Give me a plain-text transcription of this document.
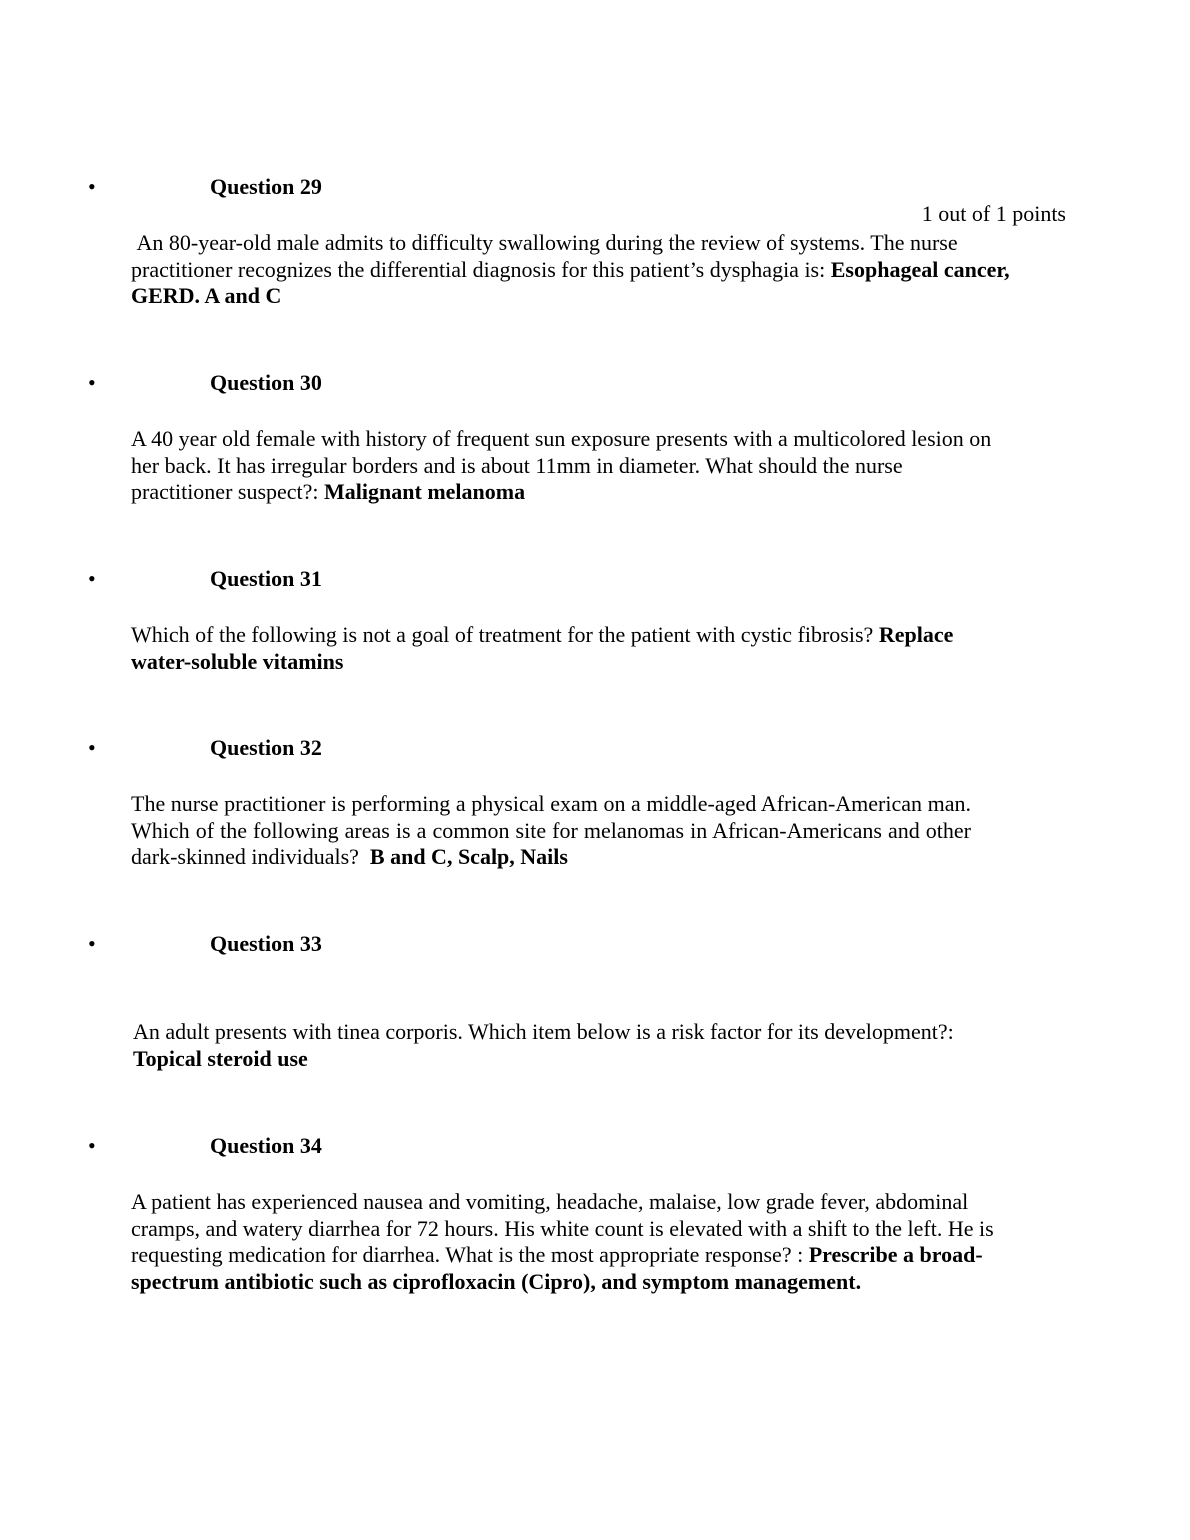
•	Question 29
1 out of 1 points
An 80-year-old male admits to difficulty swallowing during the review of systems. The nurse practitioner recognizes the differential diagnosis for this patient’s dysphagia is: Esophageal cancer, GERD. A and C
•	Question 30
A 40 year old female with history of frequent sun exposure presents with a multicolored lesion on her back. It has irregular borders and is about 11mm in diameter. What should the nurse practitioner suspect?: Malignant melanoma
•	Question 31
Which of the following is not a goal of treatment for the patient with cystic fibrosis? Replace water-soluble vitamins
•	Question 32
The nurse practitioner is performing a physical exam on a middle-aged African-American man. Which of the following areas is a common site for melanomas in African-Americans and other dark-skinned individuals?  B and C, Scalp, Nails
•	Question 33
An adult presents with tinea corporis. Which item below is a risk factor for its development?: Topical steroid use
•	Question 34
A patient has experienced nausea and vomiting, headache, malaise, low grade fever, abdominal cramps, and watery diarrhea for 72 hours. His white count is elevated with a shift to the left. He is requesting medication for diarrhea. What is the most appropriate response? : Prescribe a broad-spectrum antibiotic such as ciprofloxacin (Cipro), and symptom management.
